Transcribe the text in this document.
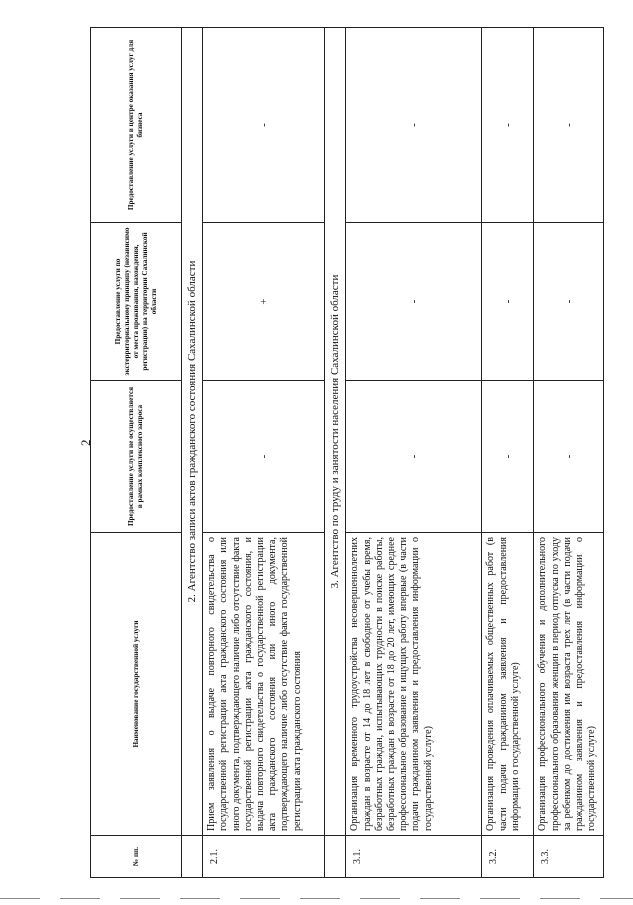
2
№ пп.	Наименование государственной услуги	Предоставление услуги не осуществляется в рамках комплексного запроса	Предоставление услуги по экстерриториальному принципу (независимо от места проживания, нахождения, регистрации) на территории Сахалинской области	Предоставление услуги в центре оказания услуг для бизнеса
	2. Агентство записи актов гражданского состояния Сахалинской области			
2.1.	Прием заявления о выдаче повторного свидетельства о государственной регистрации акта гражданского состояния или иного документа, подтверждающего наличие либо отсутствие факта государственной регистрации акта гражданского состояния, и выдача повторного свидетельства о государственной регистрации акта гражданского состояния или иного документа, подтверждающего наличие либо отсутствие факта государственной регистрации акта гражданского состояния	-	+	-
	3. Агентство по труду и занятости населения Сахалинской области			
3.1.	Организация временного трудоустройства несовершеннолетних граждан в возрасте от 14 до 18 лет в свободное от учебы время, безработных граждан, испытывающих трудности в поиске работы, безработных граждан в возрасте от 18 до 20 лет, имеющих среднее профессиональное образование и ищущих работу впервые (в части подачи гражданином заявления и предоставления информации о государственной услуге)	-	-	-
3.2.	Организация проведения оплачиваемых общественных работ (в части подачи гражданином заявления и предоставления информации о государственной услуге)	-	-	-
3.3.	Организация профессионального обучения и дополнительного профессионального образования женщин в период отпуска по уходу за ребенком до достижения им возраста трех лет (в части подачи гражданином заявления и предоставления информации о государственной услуге)	-	-	-
